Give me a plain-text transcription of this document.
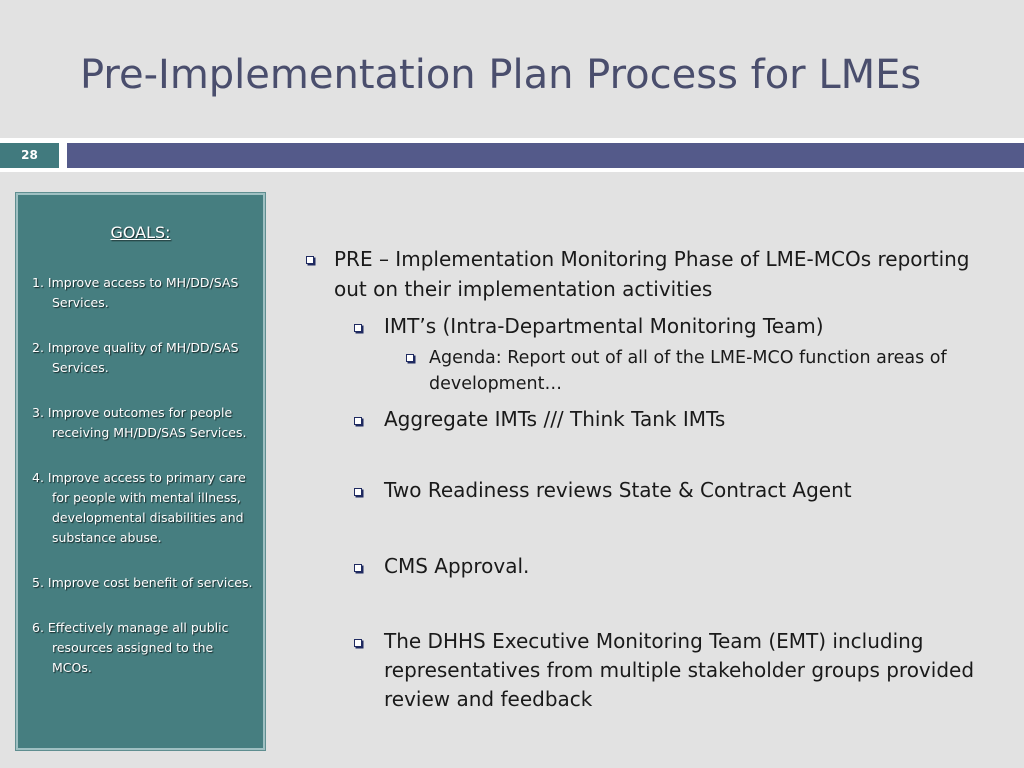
Pre-Implementation Plan Process for LMEs
28
GOALS:
1. Improve access to MH/DD/SAS Services.
2. Improve quality of MH/DD/SAS Services.
3. Improve outcomes for people receiving MH/DD/SAS Services.
4. Improve access to primary care for people with mental illness, developmental disabilities and substance abuse.
5. Improve cost benefit of services.
6. Effectively manage all public resources assigned to the MCOs.
PRE – Implementation Monitoring Phase of LME-MCOs reporting out on their implementation activities
IMT’s (Intra-Departmental Monitoring Team)
Agenda: Report out of all of the LME-MCO function areas of development…
Aggregate IMTs /// Think Tank IMTs
Two Readiness reviews State & Contract Agent
CMS Approval.
The DHHS Executive Monitoring Team (EMT) including representatives from multiple stakeholder groups provided review and feedback
